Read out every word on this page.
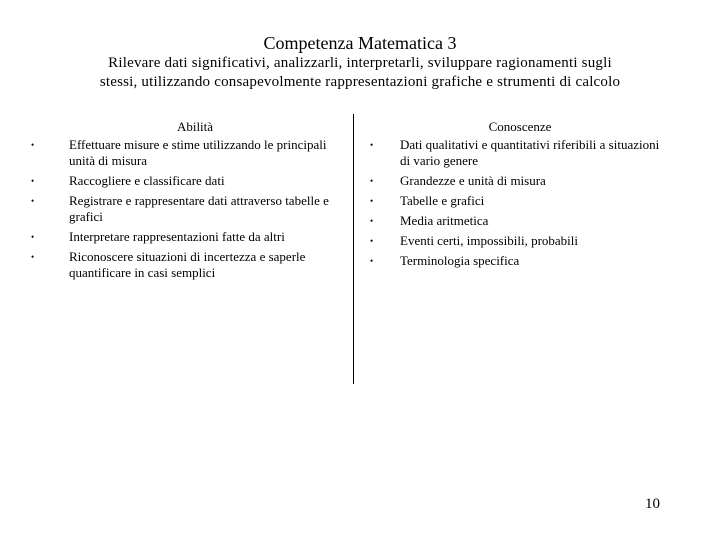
Competenza Matematica 3
Rilevare dati significativi, analizzarli, interpretarli, sviluppare ragionamenti sugli
stessi, utilizzando consapevolmente rappresentazioni grafiche e strumenti di calcolo
Abilità
•	Effettuare misure e stime utilizzando le principali unità di misura
•	Raccogliere e classificare dati
•	Registrare e rappresentare dati attraverso tabelle e grafici
•	Interpretare rappresentazioni fatte da altri
•	Riconoscere situazioni di incertezza e saperle quantificare in casi semplici
Conoscenze
• Dati qualitativi e quantitativi riferibili a situazioni di vario genere
• Grandezze e unità di misura
• Tabelle e grafici
• Media aritmetica
• Eventi certi, impossibili, probabili
• Terminologia specifica
10
